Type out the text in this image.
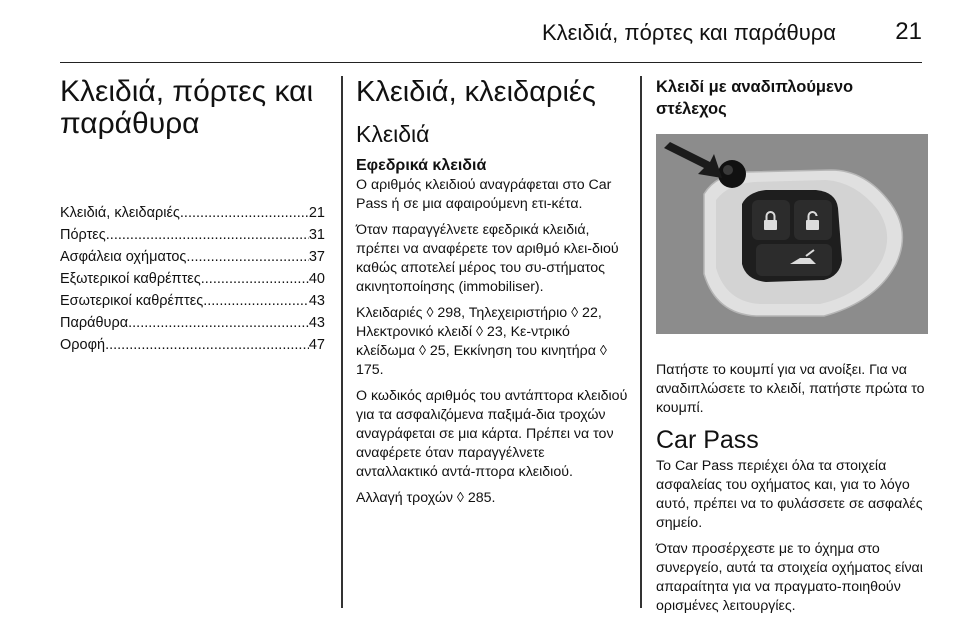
Κλειδιά, πόρτες και παράθυρα 21
Κλειδιά, πόρτες και
παράθυρα
Κλειδιά, κλειδαριές .....	21
Πόρτες .....	31
Ασφάλεια οχήματος .....	37
Εξωτερικοί καθρέπτες .....	40
Εσωτερικοί καθρέπτες .....	43
Παράθυρα .....	43
Οροφή .....	47
Κλειδιά, κλειδαριές
Κλειδιά
Εφεδρικά κλειδιά

Ο αριθμός κλειδιού αναγράφεται στο Car Pass ή σε μια αφαιρούμενη ετι-κέτα.

Όταν παραγγέλνετε εφεδρικά κλειδιά, πρέπει να αναφέρετε τον αριθμό κλει-διού καθώς αποτελεί μέρος του συ-στήματος ακινητοποίησης (immobiliser).

Κλειδαριές ◊ 298, Τηλεχειριστήριο ◊ 22, Ηλεκτρονικό κλειδί ◊ 23, Κε-ντρικό κλείδωμα ◊ 25, Εκκίνηση του κινητήρα ◊ 175.

Ο κωδικός αριθμός του αντάπτορα κλειδιού για τα ασφαλιζόμενα παξιμά-δια τροχών αναγράφεται σε μια κάρτα. Πρέπει να τον αναφέρετε όταν παραγγέλνετε ανταλλακτικό αντά-πτορα κλειδιού.

Αλλαγή τροχών ◊ 285.

Κλειδί με αναδιπλούμενο
στέλεχος

Πατήστε το κουμπί για να ανοίξει. Για να αναδιπλώσετε το κλειδί, πατήστε πρώτα το κουμπί.

Car Pass

Το Car Pass περιέχει όλα τα στοιχεία ασφαλείας του οχήματος και, για το λόγο αυτό, πρέπει να το φυλάσσετε σε ασφαλές σημείο.

Όταν προσέρχεστε με το όχημα στο συνεργείο, αυτά τα στοιχεία οχήματος είναι απαραίτητα για να πραγματο-ποιηθούν ορισμένες λειτουργίες.
